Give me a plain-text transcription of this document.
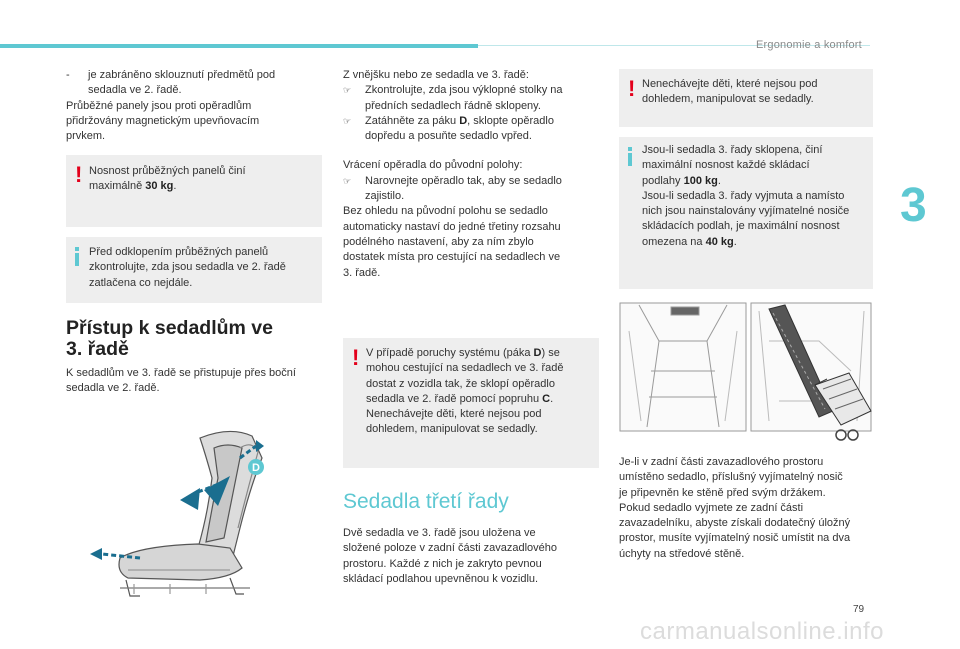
Ergonomie a komfort
3
79
carmanualsonline.info
-	je zabráněno sklouznutí předmětů pod

sedadla ve 2. řadě.

Průběžné panely jsou proti opěradlům

přidržovány magnetickým upevňovacím

prvkem.

! Nosnost průběžných panelů činí

maximálně 30 kg.

Před odklopením průběžných panelů

zkontrolujte, zda jsou sedadla ve 2. řadě

zatlačena co nejdále.

Přístup k sedadlům ve
3. řadě

K sedadlům ve 3. řadě se přistupuje přes boční

sedadla ve 2. řadě.

D

Z vnějšku nebo ze sedadla ve 3. řadě:

☞	Zkontrolujte, zda jsou výklopné stolky na

předních sedadlech řádně sklopeny.

☞	Zatáhněte za páku D, sklopte opěradlo

dopředu a posuňte sedadlo vpřed.

Vrácení opěradla do původní polohy:

☞	Narovnejte opěradlo tak, aby se sedadlo

zajistilo.

Bez ohledu na původní polohu se sedadlo

automaticky nastaví do jedné třetiny rozsahu

podélného nastavení, aby za ním zbylo

dostatek místa pro cestující na sedadlech ve

3. řadě.

! V případě poruchy systému (páka D) se

mohou cestující na sedadlech ve 3. řadě

dostat z vozidla tak, že sklopí opěradlo

sedadla ve 2. řadě pomocí popruhu C.

Nenechávejte děti, které nejsou pod

dohledem, manipulovat se sedadly.

Sedadla třetí řady

Dvě sedadla ve 3. řadě jsou uložena ve

složené poloze v zadní části zavazadlového

prostoru. Každé z nich je zakryto pevnou

skládací podlahou upevněnou k vozidlu.

! Nenechávejte děti, které nejsou pod

dohledem, manipulovat se sedadly.

Jsou-li sedadla 3. řady sklopena, činí

maximální nosnost každé skládací

podlahy 100 kg.

Jsou-li sedadla 3. řady vyjmuta a namísto

nich jsou nainstalovány vyjímatelné nosiče

skládacích podlah, je maximální nosnost

omezena na 40 kg.

Je-li v zadní části zavazadlového prostoru

umístěno sedadlo, příslušný vyjímatelný nosič

je připevněn ke stěně před svým držákem.

Pokud sedadlo vyjmete ze zadní části

zavazadelníku, abyste získali dodatečný úložný

prostor, musíte vyjímatelný nosič umístit na dva

úchyty na středové stěně.
